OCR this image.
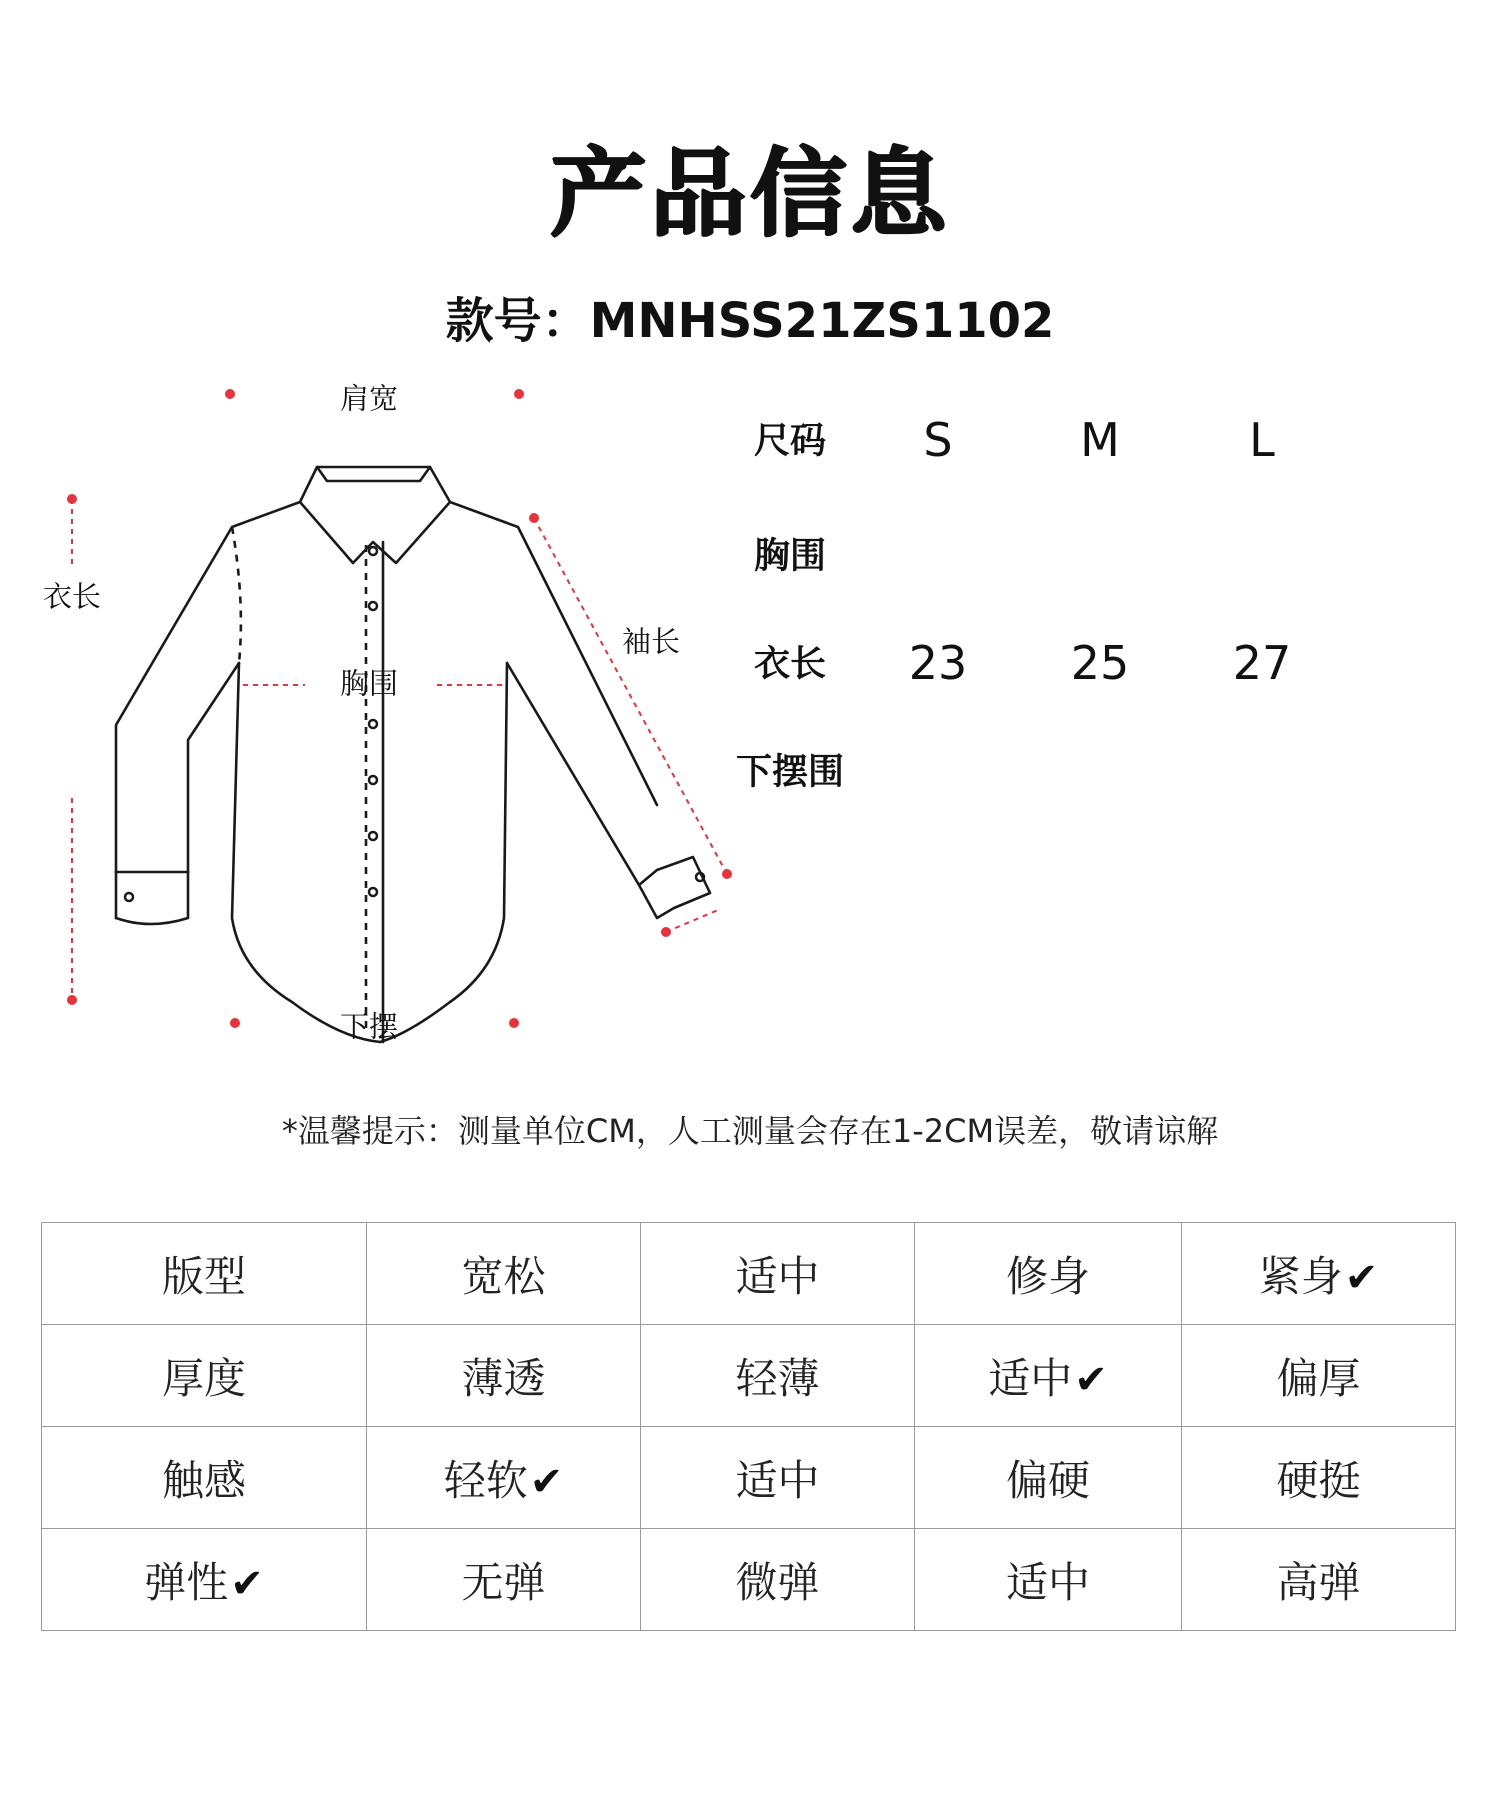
产品信息
款号：MNHSS21ZS1102
肩宽
衣长
袖长
胸围
下摆
尺码 S	M	L
胸围
衣长 23 25 27
下摆围
*温馨提示：测量单位CM，人工测量会存在1-2CM误差，敬请谅解
版型	宽松	适中	修身	紧身✔
厚度	薄透	轻薄	适中✔	偏厚
触感	轻软✔	适中	偏硬	硬挺
弹性✔	无弹	微弹	适中	高弹
